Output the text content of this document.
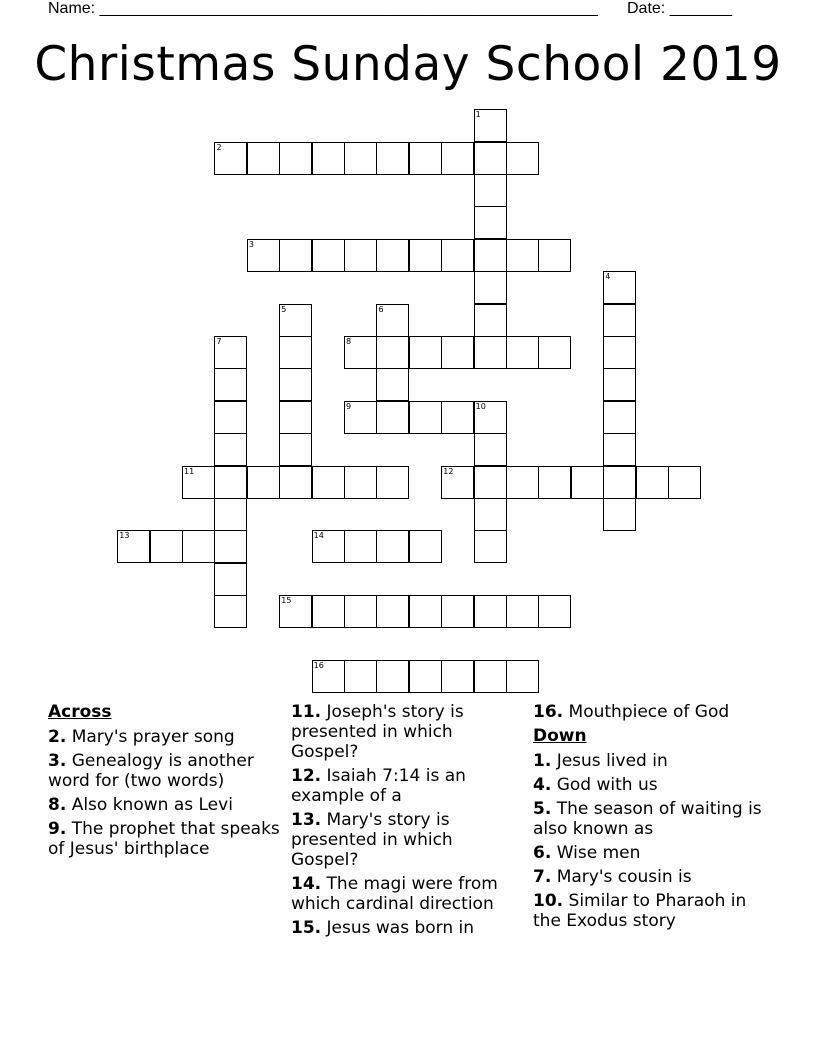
Name: ________________________________________________________ Date: _______
Christmas Sunday School 2019
1
2
3
4
5	6
7	8
9	10
11	12
13	14
15
16
Across
2. Mary's prayer song
3. Genealogy is another word for (two words)
8. Also known as Levi
9. The prophet that speaks of Jesus' birthplace
11. Joseph's story is presented in which Gospel?
12. Isaiah 7:14 is an example of a
13. Mary's story is presented in which Gospel?
14. The magi were from which cardinal direction
15. Jesus was born in
16. Mouthpiece of God
Down
1. Jesus lived in
4. God with us
5. The season of waiting is also known as
6. Wise men
7. Mary's cousin is
10. Similar to Pharaoh in the Exodus story
